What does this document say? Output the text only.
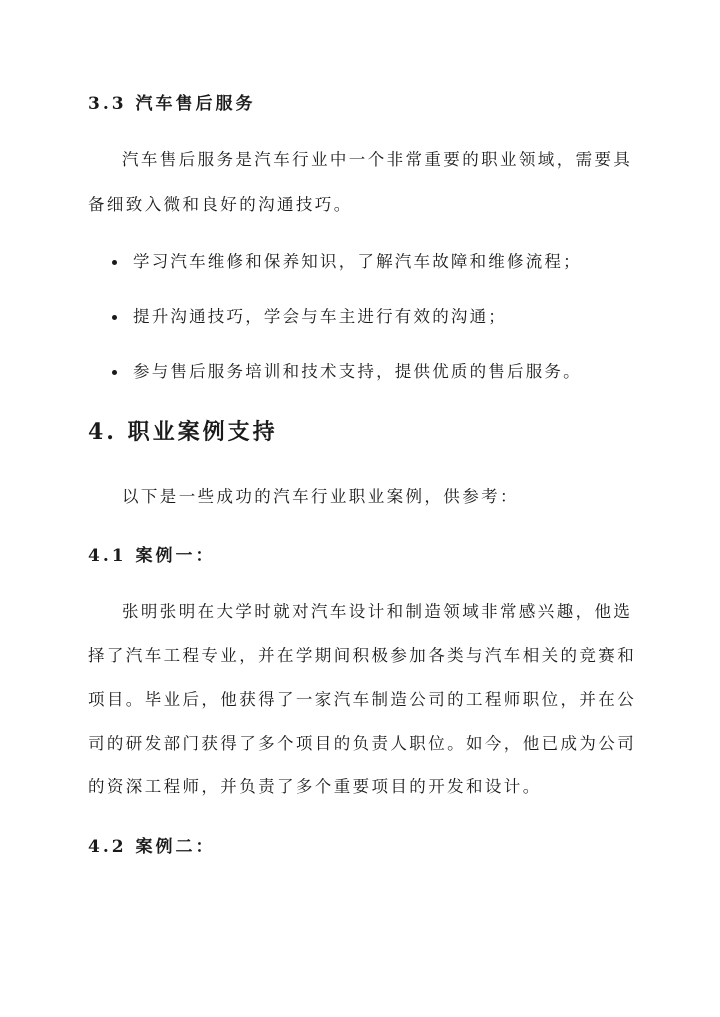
3.3 汽车售后服务
汽车售后服务是汽车行业中一个非常重要的职业领域，需要具
备细致入微和良好的沟通技巧。
学习汽车维修和保养知识，了解汽车故障和维修流程；
提升沟通技巧，学会与车主进行有效的沟通；
参与售后服务培训和技术支持，提供优质的售后服务。
4. 职业案例支持
以下是一些成功的汽车行业职业案例，供参考：
4.1 案例一：
张明张明在大学时就对汽车设计和制造领域非常感兴趣，他选
择了汽车工程专业，并在学期间积极参加各类与汽车相关的竞赛和
项目。毕业后，他获得了一家汽车制造公司的工程师职位，并在公
司的研发部门获得了多个项目的负责人职位。如今，他已成为公司
的资深工程师，并负责了多个重要项目的开发和设计。
4.2 案例二：
